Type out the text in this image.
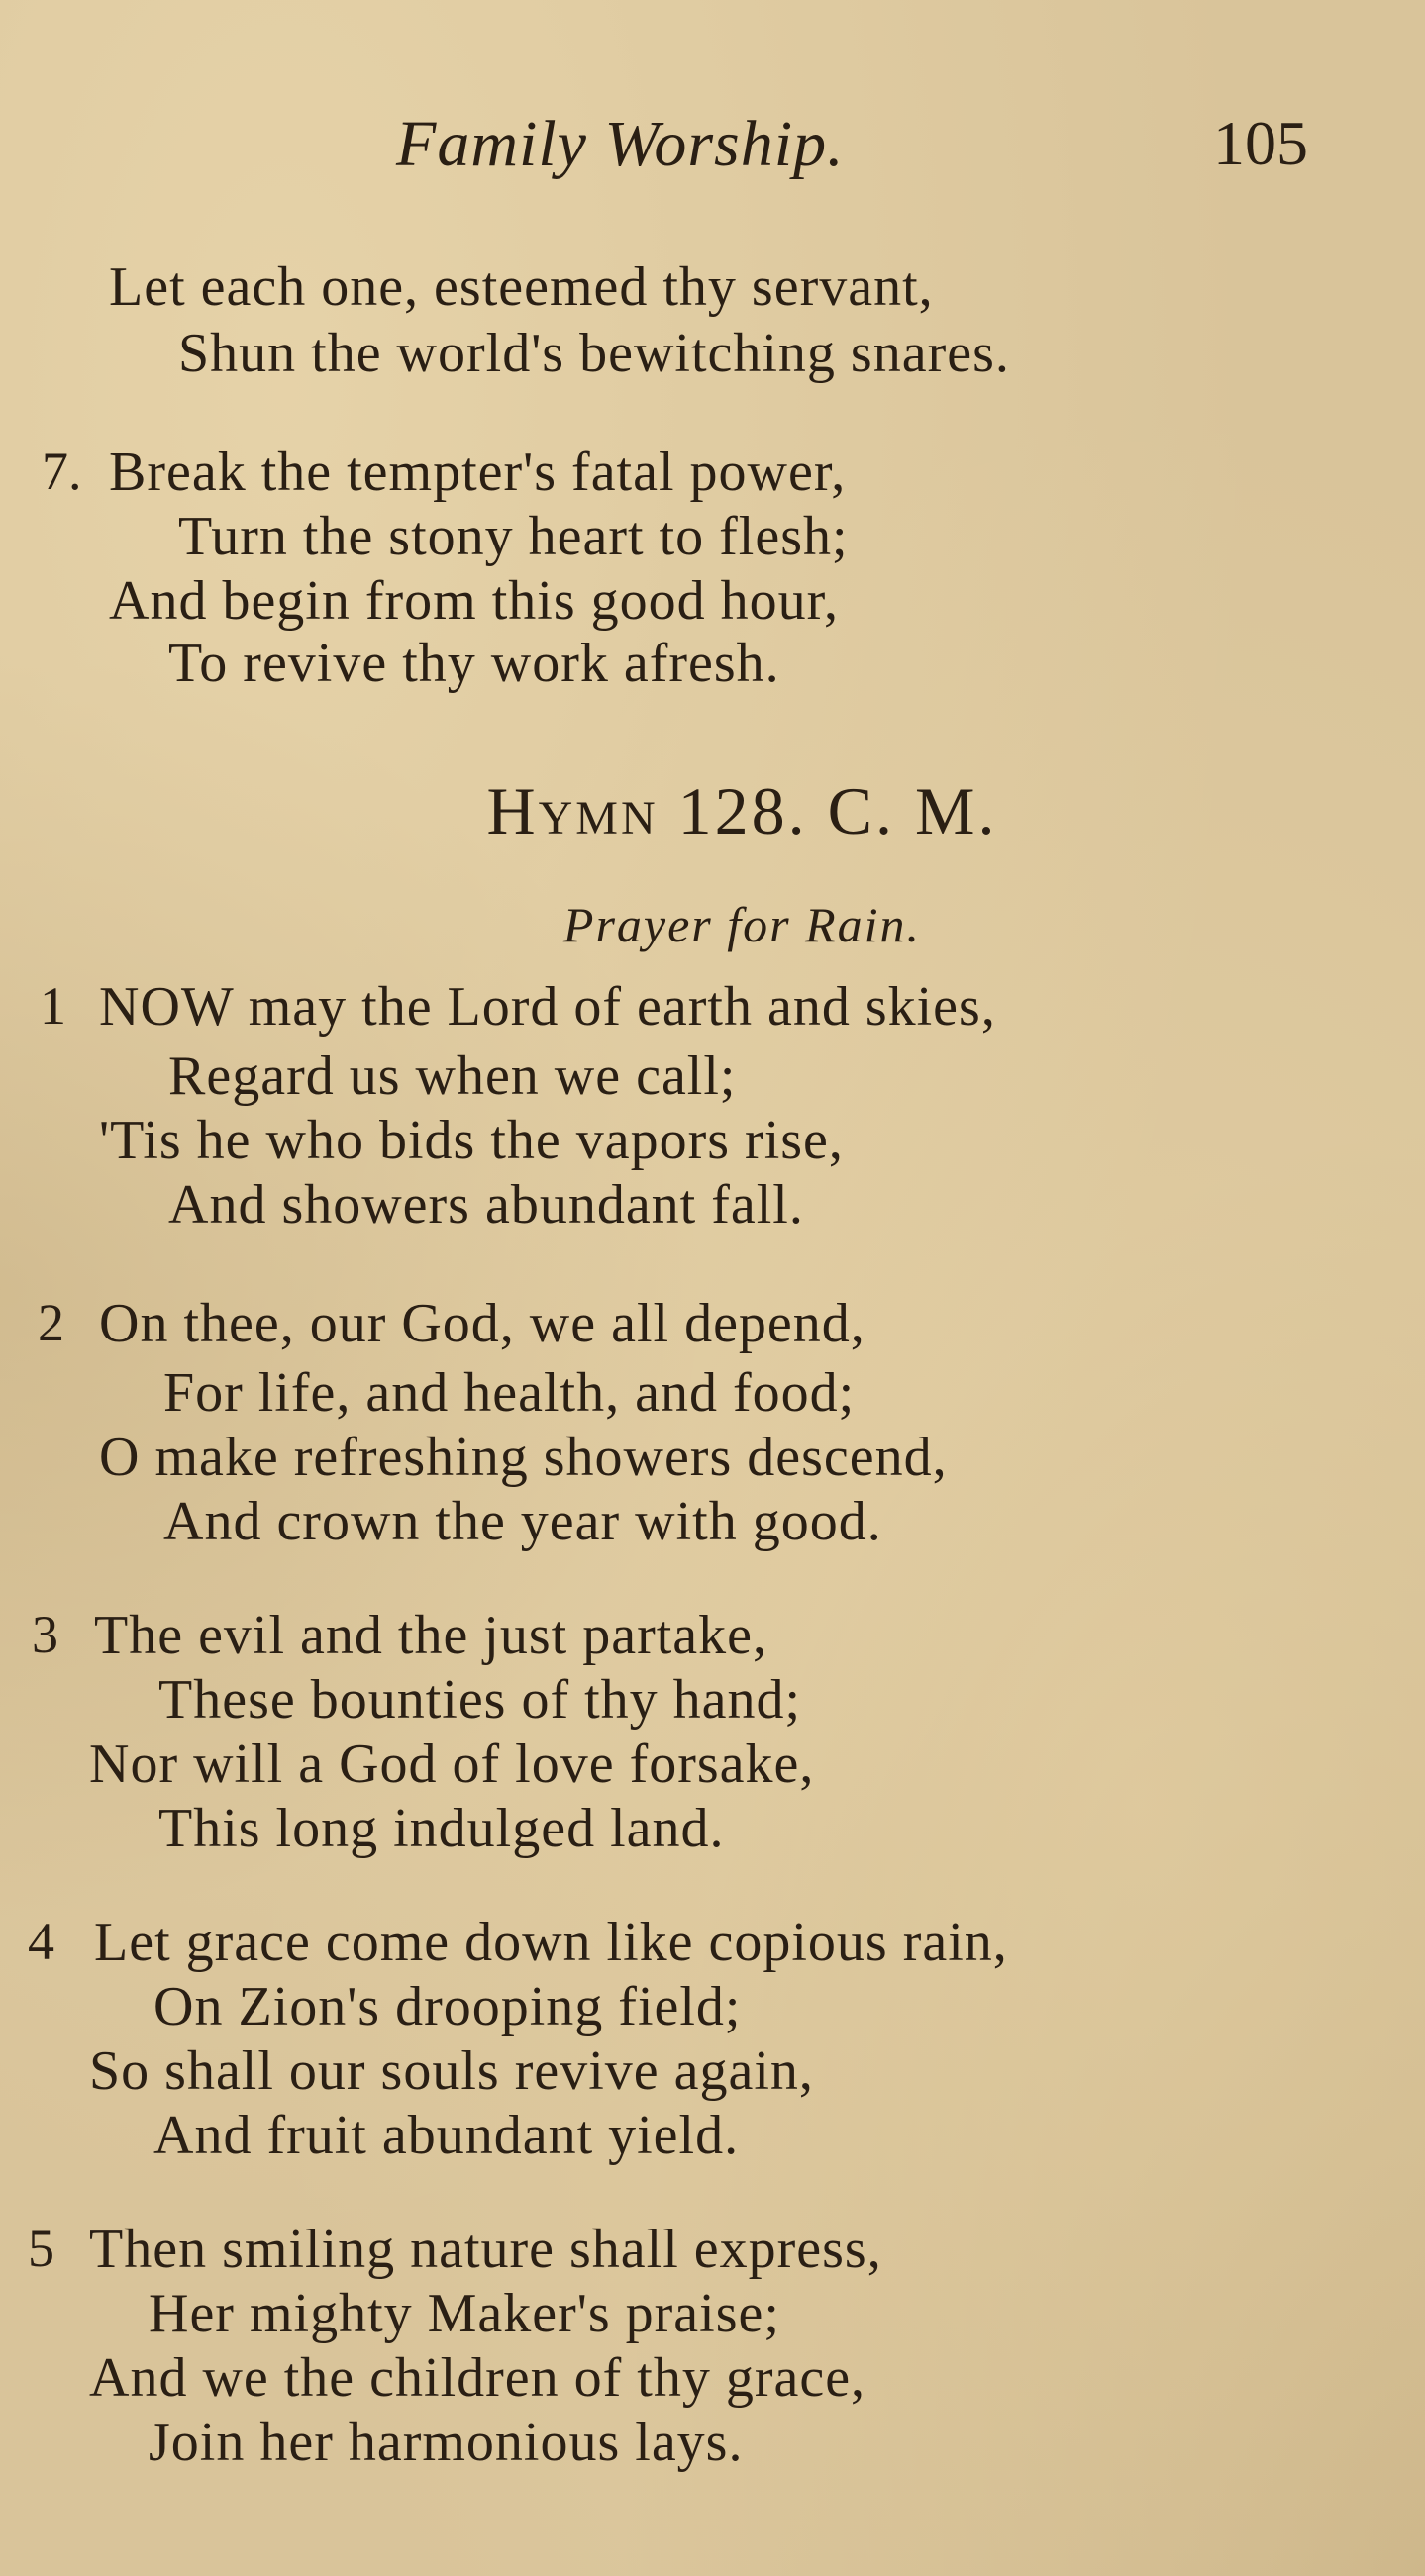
Family Worship.	105
Let each one, esteemed thy servant,
Shun the world's bewitching snares.
7. Break the tempter's fatal power,
Turn the stony heart to flesh;
And begin from this good hour,
To revive thy work afresh.
Hymn 128. C. M.
Prayer for Rain.
1 NOW may the Lord of earth and skies,
Regard us when we call;
'Tis he who bids the vapors rise,
And showers abundant fall.
2 On thee, our God, we all depend,
For life, and health, and food;
O make refreshing showers descend,
And crown the year with good.
3 The evil and the just partake,
These bounties of thy hand;
Nor will a God of love forsake,
This long indulged land.
4 Let grace come down like copious rain,
On Zion's drooping field;
So shall our souls revive again,
And fruit abundant yield.
5 Then smiling nature shall express,
Her mighty Maker's praise;
And we the children of thy grace,
Join her harmonious lays.
